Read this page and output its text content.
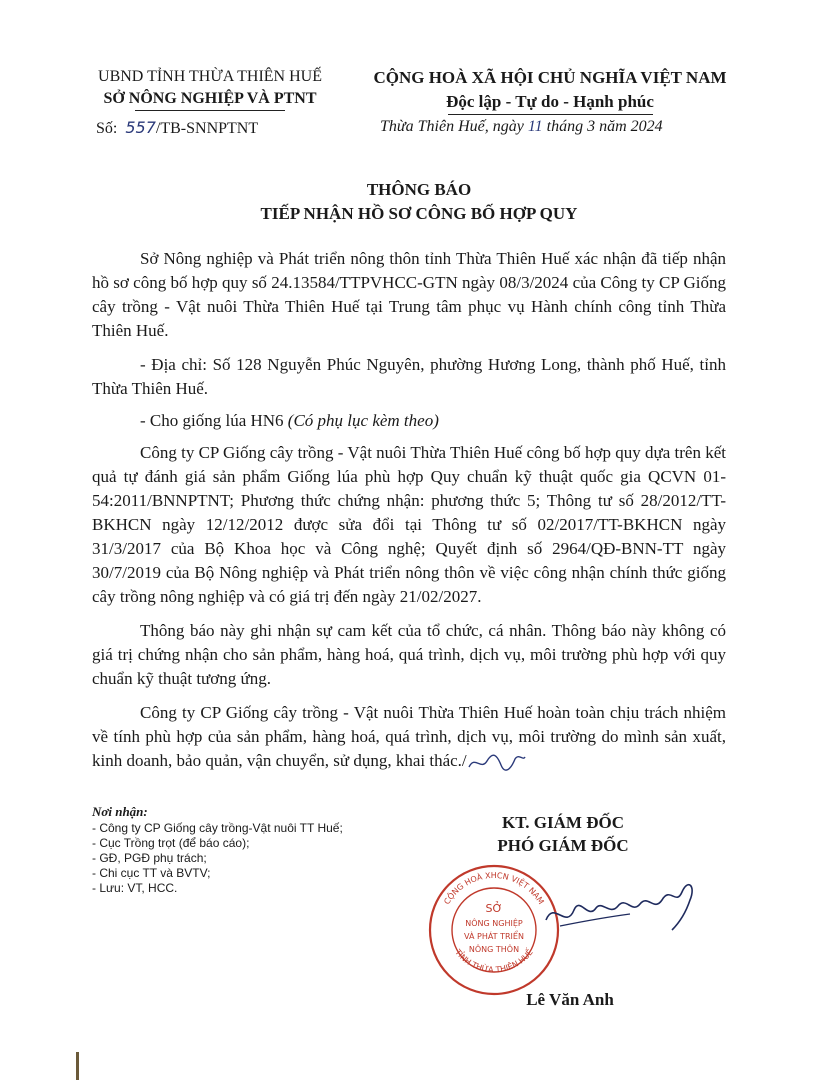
UBND TỈNH THỪA THIÊN HUẾ
SỞ NÔNG NGHIỆP VÀ PTNT
Số: 557/TB-SNNPTNT
CỘNG HOÀ XÃ HỘI CHỦ NGHĨA VIỆT NAM
Độc lập - Tự do - Hạnh phúc
Thừa Thiên Huế, ngày 11 tháng 3 năm 2024
THÔNG BÁO
TIẾP NHẬN HỒ SƠ CÔNG BỐ HỢP QUY

Sở Nông nghiệp và Phát triển nông thôn tỉnh Thừa Thiên Huế xác nhận đã tiếp nhận hồ sơ công bố hợp quy số 24.13584/TTPVHCC-GTN ngày 08/3/2024 của Công ty CP Giống cây trồng - Vật nuôi Thừa Thiên Huế tại Trung tâm phục vụ Hành chính công tỉnh Thừa Thiên Huế.

- Địa chỉ: Số 128 Nguyễn Phúc Nguyên, phường Hương Long, thành phố Huế, tỉnh Thừa Thiên Huế.

- Cho giống lúa HN6 (Có phụ lục kèm theo)

Công ty CP Giống cây trồng - Vật nuôi Thừa Thiên Huế công bố hợp quy dựa trên kết quả tự đánh giá sản phẩm Giống lúa phù hợp Quy chuẩn kỹ thuật quốc gia QCVN 01-54:2011/BNNPTNT; Phương thức chứng nhận: phương thức 5; Thông tư số 28/2012/TT-BKHCN ngày 12/12/2012 được sửa đổi tại Thông tư số 02/2017/TT-BKHCN ngày 31/3/2017 của Bộ Khoa học và Công nghệ; Quyết định số 2964/QĐ-BNN-TT ngày 30/7/2019 của Bộ Nông nghiệp và Phát triển nông thôn về việc công nhận chính thức giống cây trồng nông nghiệp và có giá trị đến ngày 21/02/2027.

Thông báo này ghi nhận sự cam kết của tổ chức, cá nhân. Thông báo này không có giá trị chứng nhận cho sản phẩm, hàng hoá, quá trình, dịch vụ, môi trường phù hợp với quy chuẩn kỹ thuật tương ứng.

Công ty CP Giống cây trồng - Vật nuôi Thừa Thiên Huế hoàn toàn chịu trách nhiệm về tính phù hợp của sản phẩm, hàng hoá, quá trình, dịch vụ, môi trường do mình sản xuất, kinh doanh, bảo quản, vận chuyển, sử dụng, khai thác./

Nơi nhận:
- Công ty CP Giống cây trồng-Vật nuôi TT Huế;
- Cục Trồng trọt (để báo cáo);
- GĐ, PGĐ phụ trách;
- Chi cục TT và BVTV;
- Lưu: VT, HCC.
KT. GIÁM ĐỐC
PHÓ GIÁM ĐỐC
CỘNG HOÀ XHCN VIỆT NAM
TỈNH THỪA THIÊN HUẾ
SỞ
NÔNG NGHIỆP
VÀ PHÁT TRIỂN
NÔNG THÔN
Lê Văn Anh
